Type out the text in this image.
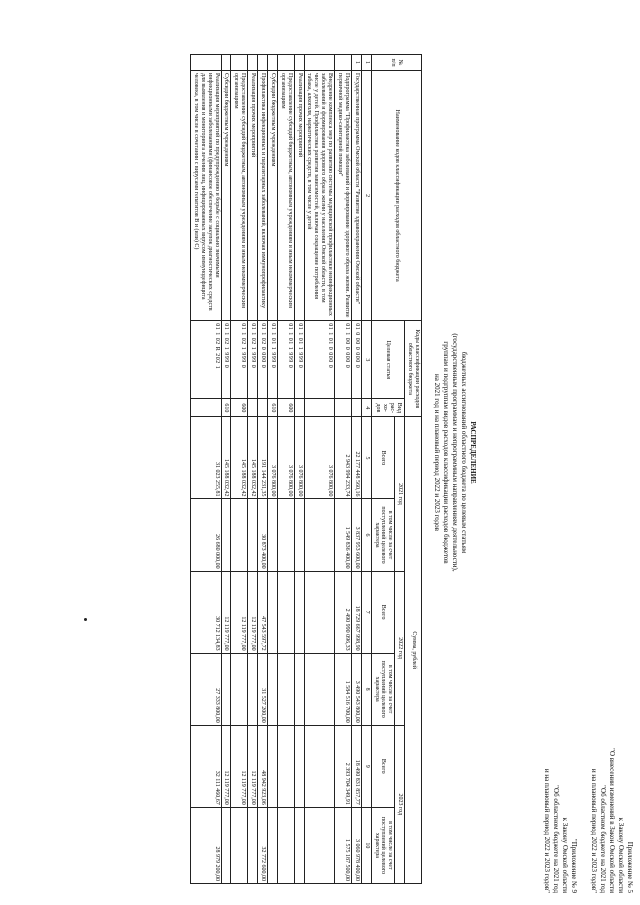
Приложение № 5
к Закону Омской области
"О внесении изменений в Закон Омской области
"Об областном бюджете на 2021 год
и на плановый период 2022 и 2023 годов"
"Приложение № 9
к Закону Омской области
"Об областном бюджете на 2021 год
и на плановый период 2022 и 2023 годов"
РАСПРЕДЕЛЕНИЕ
бюджетных ассигнований областного бюджета по целевым статьям
(государственным программам и непрограммным направлениям деятельности),
группам и подгруппам видов расходов классификации расходов бюджетов
на 2021 год и на плановый период 2022 и 2023 годов
№ п/п	Наименование кодов классификации расходов областного бюджета	Коды классификации расходов областного бюджета		Сумма, рублей					
		Целевая статья	Вид рас- хо- дов	2021 год		2022 год		2023 год	
				Всего	в том числе за счет поступлений целевого характера	Всего	в том числе за счет поступлений целевого характера	Всего	в том числе за счет поступлений целевого характера
1	2	3	4	5	6	7	8	9	10
1	Государственная программа Омской области "Развитие здравоохранения Омской области"	01 0 00 0 000 0		22 177 448 560,16	3 837 953 600,00	18 729 667 998,90	3 490 543 800,00	18 490 831 857,77	3 060 978 400,00
	Подпрограмма "Профилактика заболеваний и формирование здорового образа жизни. Развитие первичной медико-санитарной помощи"	01 1 00 0 000 0		2 943 994 233,74	1 549 836 400,00	2 490 990 096,33	1 584 516 700,00	2 393 704 349,91	1 575 187 500,00
	Внедрение комплекса мер по развитию системы медицинской профилактики неинфекционных заболеваний и формирования здорового образа жизни у населения Омской области, в том числе у детей. Профилактика развития зависимостей, включая сокращение потребления табака, алкоголя, наркотических средств, в том числе у детей	01 1 01 0 000 0		3 076 800,00					
	Реализация прочих мероприятий	01 1 01 1 999 0		3 076 800,00					
	Предоставление субсидий бюджетным, автономным учреждениям и иным некоммерческим организациям	01 1 01 1 999 0	600	3 076 800,00					
	Субсидии бюджетным учреждениям	01 1 01 1 999 0	610	3 076 800,00					
	Профилактика инфекционных и паразитарных заболеваний, включая иммунопрофилактику	01 1 02 0 000 0		191 144 231,35	30 873 400,00	47 543 597,72	31 527 200,00	48 942 923,06	32 772 600,00
	Реализация прочих мероприятий	01 1 02 1 999 0		145 188 032,42		12 119 777,00		12 119 777,00	
	Предоставление субсидий бюджетным, автономным учреждениям и иным некоммерческим организациям	01 1 02 1 999 0	600	145 188 032,42		12 119 777,00		12 119 777,00	
	Субсидии бюджетным учреждениям	01 1 02 1 999 0	610	145 188 032,42		12 119 777,00		12 119 777,00	
	Реализация мероприятий по предупреждению и борьбе с социально значимыми инфекционными заболеваниями (финансовое обеспечение закупок диагностических средств для выявления и мониторинга лечения лиц, инфицированных вирусом иммунодефицита человека, в том числе в сочетании с вирусами гепатитов B и (или) C)	01 1 02 R 202 1		31 023 255,81	26 680 000,00	30 712 134,83	27 333 800,00	32 111 460,67	28 979 200,00
